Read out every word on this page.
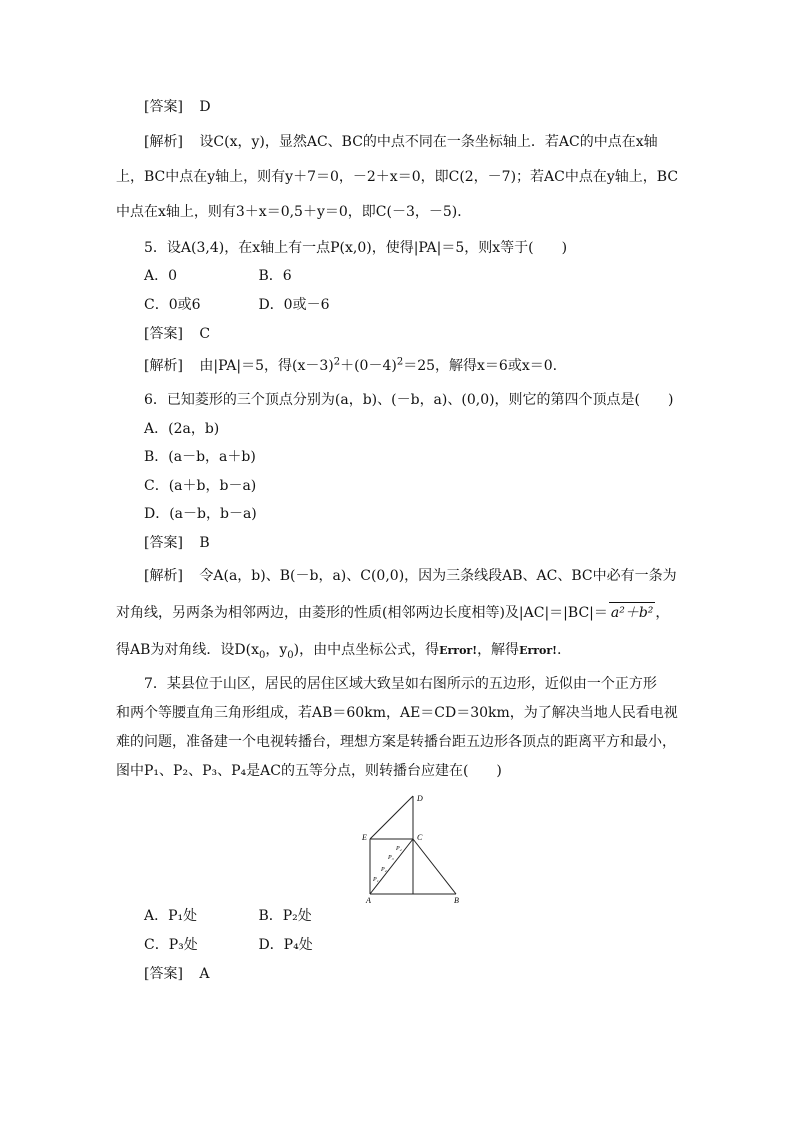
[答案] D
[解析] 设C(x，y)，显然AC、BC的中点不同在一条坐标轴上．若AC的中点在x轴
上，BC中点在y轴上，则有y＋7＝0，－2＋x＝0，即C(2，－7)；若AC中点在y轴上，BC
中点在x轴上，则有3＋x＝0,5＋y＝0，即C(－3，－5)．
5．设A(3,4)，在x轴上有一点P(x,0)，使得|PA|＝5，则x等于(　　)
A．0	B．6
C．0或6	D．0或－6
[答案] C
[解析] 由|PA|＝5，得$(x-3)^2+(0-4)^2=25$，解得x＝6或x＝0.
6．已知菱形的三个顶点分别为(a，b)、(－b，a)、(0,0)，则它的第四个顶点是(　　)
A．(2a，b)
B．(a－b，a＋b)
C．(a＋b，b－a)
D．(a－b，b－a)
[答案] B
[解析] 令A(a，b)、B(－b，a)、C(0,0)，因为三条线段AB、AC、BC中必有一条为
对角线，另两条为相邻两边，由菱形的性质(相邻两边长度相等)及|AC|＝|BC|＝ a²＋b² ，
得AB为对角线．设$D(x_0$，$y_0$)，由中点坐标公式，得Error!，解得Error!.
7．某县位于山区，居民的居住区域大致呈如右图所示的五边形，近似由一个正方形
和两个等腰直角三角形组成，若AB＝60km，AE＝CD＝30km，为了解决当地人民看电视
难的问题，准备建一个电视转播台，理想方案是转播台距五边形各顶点的距离平方和最小，
图中P₁、P₂、P₃、P₄是AC的五等分点，则转播台应建在(　　)
D
E	C
A	B
P₁
P₂
P₃
P₄
A．P₁处	B．P₂处
C．P₃处	D．P₄处
[答案] A
